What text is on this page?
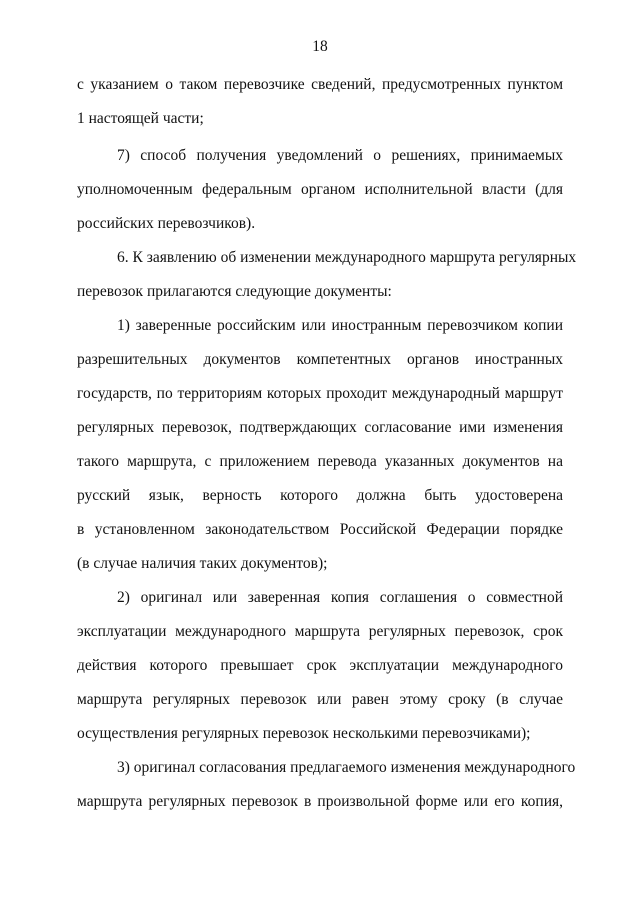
18
с указанием о таком перевозчике сведений, предусмотренных пунктом
1 настоящей части;
7) способ получения уведомлений о решениях, принимаемых
уполномоченным федеральным органом исполнительной власти (для
российских перевозчиков).
6. К заявлению об изменении международного маршрута регулярных
перевозок прилагаются следующие документы:
1) заверенные российским или иностранным перевозчиком копии
разрешительных документов компетентных органов иностранных
государств, по территориям которых проходит международный маршрут
регулярных перевозок, подтверждающих согласование ими изменения
такого маршрута, с приложением перевода указанных документов на
русский язык, верность которого должна быть удостоверена
в установленном законодательством Российской Федерации порядке
(в случае наличия таких документов);
2) оригинал или заверенная копия соглашения о совместной
эксплуатации международного маршрута регулярных перевозок, срок
действия которого превышает срок эксплуатации международного
маршрута регулярных перевозок или равен этому сроку (в случае
осуществления регулярных перевозок несколькими перевозчиками);
3) оригинал согласования предлагаемого изменения международного
маршрута регулярных перевозок в произвольной форме или его копия,
